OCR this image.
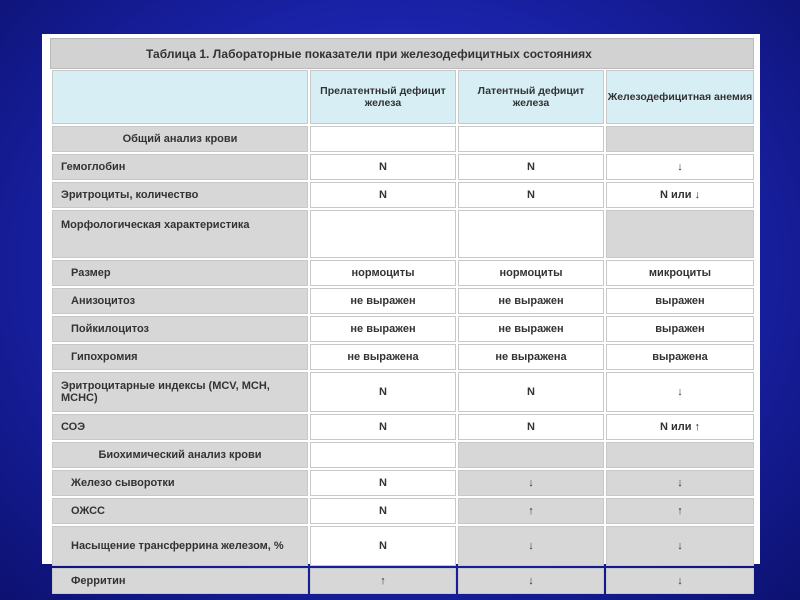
Таблица 1. Лабораторные показатели при железодефицитных состояниях
	Прелатентный дефицит железа	Латентный дефицит железа	Железодефицитная анемия
Общий анализ крови			
Гемоглобин	N	N	↓
Эритроциты, количество	N	N	N или ↓
Морфологическая характеристика			
Размер	нормоциты	нормоциты	микроциты
Анизоцитоз	не выражен	не выражен	выражен
Пойкилоцитоз	не выражен	не выражен	выражен
Гипохромия	не выражена	не выражена	выражена
Эритроцитарные индексы (MCV, MCH, MCHC)	N	N	↓
СОЭ	N	N	N или ↑
Биохимический анализ крови			
Железо сыворотки	N	↓	↓
ОЖСС	N	↑	↑
Насыщение трансферрина железом, %	N	↓	↓
Ферритин	↑	↓	↓
